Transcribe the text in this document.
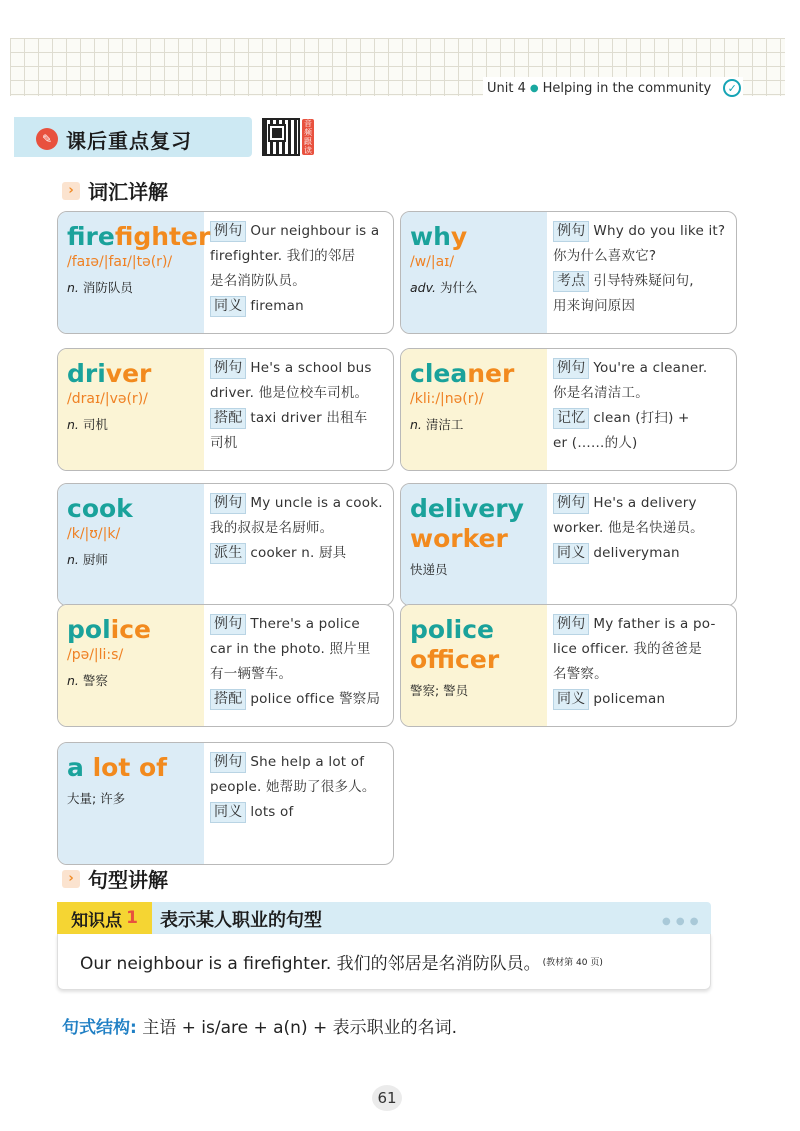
Unit 4 ● Helping in the community	✓
✎ 课后重点复习
音频跟读
› 词汇详解
firefighter
/faɪə/|faɪ/|tə(r)/
n. 消防队员
例句 Our neighbour is a
firefighter. 我们的邻居
是名消防队员。
同义 fireman
why
/w/|aɪ/
adv. 为什么
例句 Why do you like it?
你为什么喜欢它?
考点 引导特殊疑问句,
用来询问原因
driver
/draɪ/|və(r)/
n. 司机
例句 He's a school bus
driver. 他是位校车司机。
搭配 taxi driver 出租车
司机
cleaner
/kli:/|nə(r)/
n. 清洁工
例句 You're a cleaner.
你是名清洁工。
记忆 clean (打扫) +
er (……的人)
cook
/k/|ʊ/|k/
n. 厨师
例句 My uncle is a cook.
我的叔叔是名厨师。
派生 cooker n. 厨具
delivery
worker
快递员
例句 He's a delivery
worker. 他是名快递员。
同义 deliveryman
police
/pə/|li:s/
n. 警察
例句 There's a police
car in the photo. 照片里
有一辆警车。
搭配 police office 警察局
police
officer
警察; 警员
例句 My father is a po-
lice officer. 我的爸爸是
名警察。
同义 policeman
a lot of
大量; 许多
例句 She help a lot of
people. 她帮助了很多人。
同义 lots of
› 句型讲解
知识点 1 表示某人职业的句型	● ● ●
Our neighbour is a firefighter. 我们的邻居是名消防队员。 (教材第 40 页)
句式结构: 主语 + is/are + a(n) + 表示职业的名词.
61
